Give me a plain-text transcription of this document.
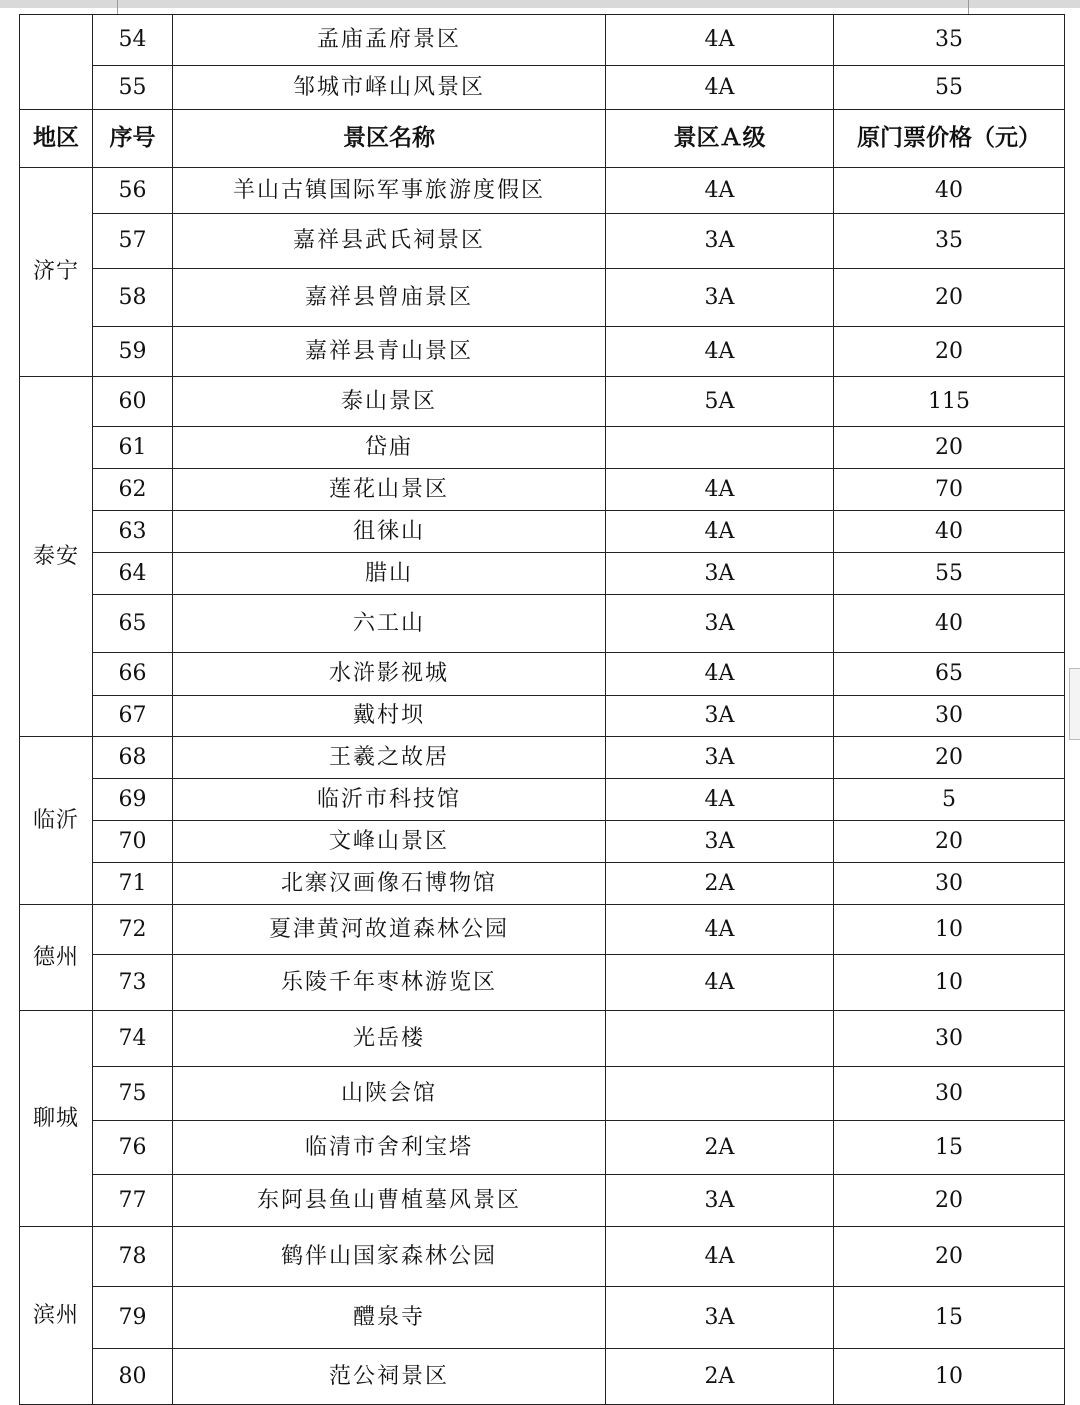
	54	孟庙孟府景区	4A	35
	55	邹城市峄山风景区	4A	55
地区	序号	景区名称	景区Ａ级	原门票价格（元）
济宁	56	羊山古镇国际军事旅游度假区	4A	40
	57	嘉祥县武氏祠景区	3A	35
	58	嘉祥县曾庙景区	3A	20
	59	嘉祥县青山景区	4A	20
泰安	60	泰山景区	5A	115
	61	岱庙		20
	62	莲花山景区	4A	70
	63	徂徕山	4A	40
	64	腊山	3A	55
	65	六工山	3A	40
	66	水浒影视城	4A	65
	67	戴村坝	3A	30
临沂	68	王羲之故居	3A	20
	69	临沂市科技馆	4A	5
	70	文峰山景区	3A	20
	71	北寨汉画像石博物馆	2A	30
德州	72	夏津黄河故道森林公园	4A	10
	73	乐陵千年枣林游览区	4A	10
聊城	74	光岳楼		30
	75	山陕会馆		30
	76	临清市舍利宝塔	2A	15
	77	东阿县鱼山曹植墓风景区	3A	20
滨州	78	鹤伴山国家森林公园	4A	20
	79	醴泉寺	3A	15
	80	范公祠景区	2A	10
